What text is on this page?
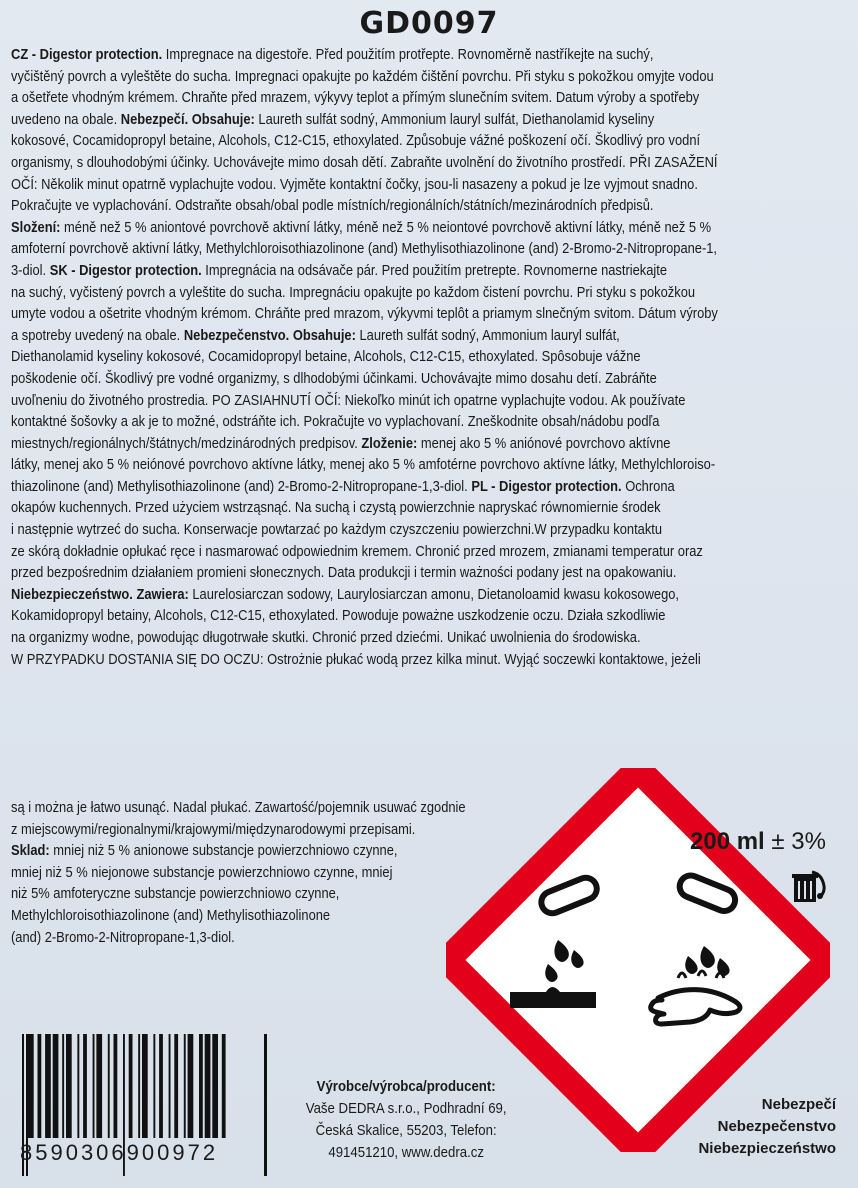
GD0097
CZ - Digestor protection. Impregnace na digestoře. Před použitím protřepte. Rovnoměrně nastříkejte na suchý,
vyčištěný povrch a vyleštěte do sucha. Impregnaci opakujte po každém čištění povrchu. Při styku s pokožkou omyjte vodou
a ošetřete vhodným krémem. Chraňte před mrazem, výkyvy teplot a přímým slunečním svitem. Datum výroby a spotřeby
uvedeno na obale. Nebezpečí. Obsahuje: Laureth sulfát sodný, Ammonium lauryl sulfát, Diethanolamid kyseliny
kokosové, Cocamidopropyl betaine, Alcohols, C12-C15, ethoxylated. Způsobuje vážné poškození očí. Škodlivý pro vodní
organismy, s dlouhodobými účinky. Uchovávejte mimo dosah dětí. Zabraňte uvolnění do životního prostředí. PŘI ZASAŽENÍ
OČÍ: Několik minut opatrně vyplachujte vodou. Vyjměte kontaktní čočky, jsou-li nasazeny a pokud je lze vyjmout snadno.
Pokračujte ve vyplachování. Odstraňte obsah/obal podle místních/regionálních/státních/mezinárodních předpisů.
Složení: méně než 5 % aniontové povrchově aktivní látky, méně než 5 % neiontové povrchově aktivní látky, méně než 5 %
amfoterní povrchově aktivní látky, Methylchloroisothiazolinone (and) Methylisothiazolinone (and) 2-Bromo-2-Nitropropane-1,
3-diol. SK - Digestor protection. Impregnácia na odsávače pár. Pred použitím pretrepte. Rovnomerne nastriekajte
na suchý, vyčistený povrch a vyleštite do sucha. Impregnáciu opakujte po každom čistení povrchu. Pri styku s pokožkou
umyte vodou a ošetrite vhodným krémom. Chráňte pred mrazom, výkyvmi teplôt a priamym slnečným svitom. Dátum výroby
a spotreby uvedený na obale. Nebezpečenstvo. Obsahuje: Laureth sulfát sodný, Ammonium lauryl sulfát,
Diethanolamid kyseliny kokosové, Cocamidopropyl betaine, Alcohols, C12-C15, ethoxylated. Spôsobuje vážne
poškodenie očí. Škodlivý pre vodné organizmy, s dlhodobými účinkami. Uchovávajte mimo dosahu detí. Zabráňte
uvoľneniu do životného prostredia. PO ZASIAHNUTÍ OČÍ: Niekoľko minút ich opatrne vyplachujte vodou. Ak používate
kontaktné šošovky a ak je to možné, odstráňte ich. Pokračujte vo vyplachovaní. Zneškodnite obsah/nádobu podľa
miestnych/regionálnych/štátnych/medzinárodných predpisov. Zloženie: menej ako 5 % aniónové povrchovo aktívne
látky, menej ako 5 % neiónové povrchovo aktívne látky, menej ako 5 % amfotérne povrchovo aktívne látky, Methylchloroiso-
thiazolinone (and) Methylisothiazolinone (and) 2-Bromo-2-Nitropropane-1,3-diol. PL - Digestor protection. Ochrona
okapów kuchennych. Przed użyciem wstrząsnąć. Na suchą i czystą powierzchnie napryskać równomiernie środek
i następnie wytrzeć do sucha. Konserwacje powtarzać po każdym czyszczeniu powierzchni.W przypadku kontaktu
ze skórą dokładnie opłukać ręce i nasmarować odpowiednim kremem. Chronić przed mrozem, zmianami temperatur oraz
przed bezpośrednim działaniem promieni słonecznych. Data produkcji i termin ważności podany jest na opakowaniu.
Niebezpieczeństwo. Zawiera: Laurelosiarczan sodowy, Laurylosiarczan amonu, Dietanoloamid kwasu kokosowego,
Kokamidopropyl betainy, Alcohols, C12-C15, ethoxylated. Powoduje poważne uszkodzenie oczu. Działa szkodliwie
na organizmy wodne, powodując długotrwałe skutki. Chronić przed dziećmi. Unikać uwolnienia do środowiska.
W PRZYPADKU DOSTANIA SIĘ DO OCZU: Ostrożnie płukać wodą przez kilka minut. Wyjąć soczewki kontaktowe, jeżeli
są i można je łatwo usunąć. Nadal płukać. Zawartość/pojemnik usuwać zgodnie
z miejscowymi/regionalnymi/krajowymi/międzynarodowymi przepisami.
Sklad: mniej niż 5 % anionowe substancje powierzchniowo czynne,
mniej niż 5 % niejonowe substancje powierzchniowo czynne, mniej
niż 5% amfoteryczne substancje powierzchniowo czynne,
Methylchloroisothiazolinone (and) Methylisothiazolinone
(and) 2-Bromo-2-Nitropropane-1,3-diol.
200 ml ± 3%
8590306900972
Výrobce/výrobca/producent:
Vaše DEDRA s.r.o., Podhradní 69,
Česká Skalice, 55203, Telefon:
491451210, www.dedra.cz
Nebezpečí
Nebezpečenstvo
Niebezpieczeństwo
